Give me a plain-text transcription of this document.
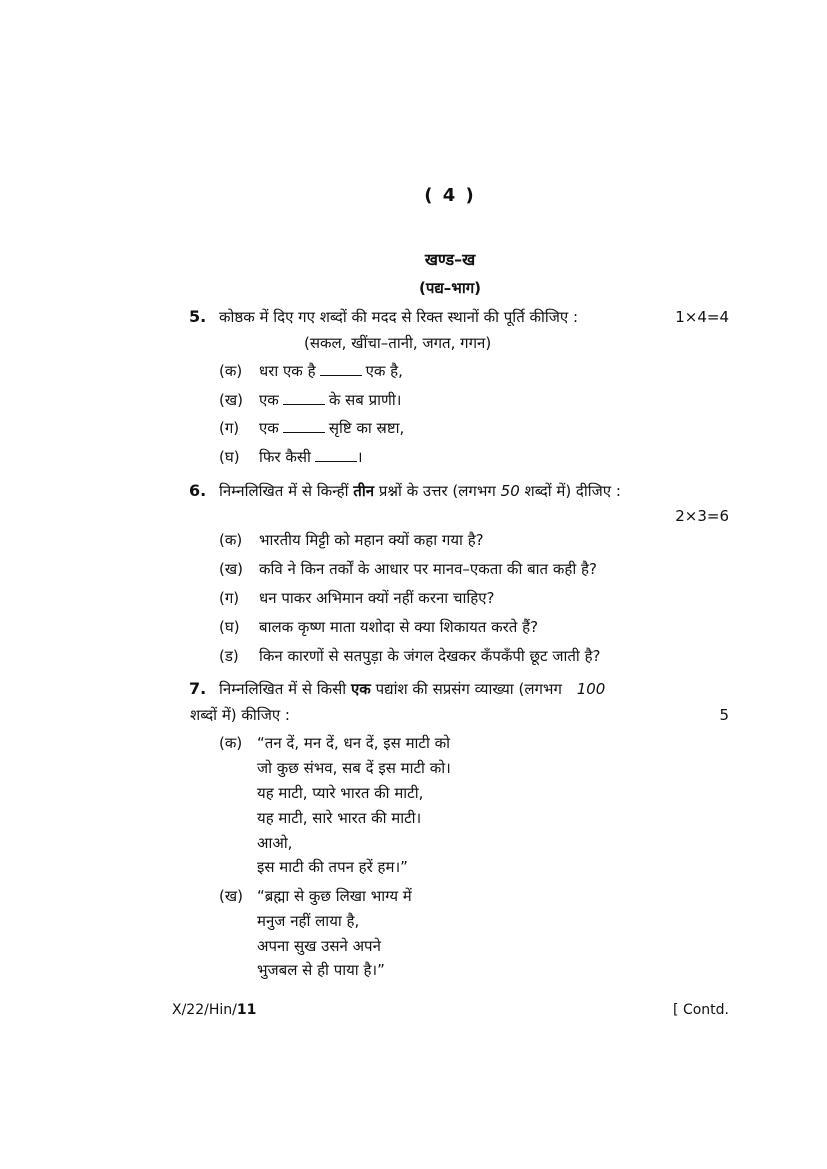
( 4 )
खण्ड–ख
(पद्य–भाग)
5. कोष्ठक में दिए गए शब्दों की मदद से रिक्त स्थानों की पूर्ति कीजिए :	1×4=4
(सकल, खींचा–तानी, जगत, गगन)
(क) धरा एक है	एक है,
(ख) एक	के सब प्राणी।
(ग) एक	सृष्टि का स्रष्टा,
(घ) फिर कैसी	।
6. निम्नलिखित में से किन्हीं तीन प्रश्नों के उत्तर (लगभग 50 शब्दों में) दीजिए :
2×3=6
(क) भारतीय मिट्टी को महान क्यों कहा गया है?
(ख) कवि ने किन तर्कों के आधार पर मानव–एकता की बात कही है?
(ग) धन पाकर अभिमान क्यों नहीं करना चाहिए?
(घ) बालक कृष्ण माता यशोदा से क्या शिकायत करते हैं?
(ड) किन कारणों से सतपुड़ा के जंगल देखकर कँपकँपी छूट जाती है?
7. निम्नलिखित में से किसी एक पद्यांश की सप्रसंग व्याख्या (लगभग 100
शब्दों में) कीजिए :	5
(क) “तन दें, मन दें, धन दें, इस माटी को
जो कुछ संभव, सब दें इस माटी को।
यह माटी, प्यारे भारत की माटी,
यह माटी, सारे भारत की माटी।
आओ,
इस माटी की तपन हरें हम।”
(ख) “ब्रह्मा से कुछ लिखा भाग्य में
मनुज नहीं लाया है,
अपना सुख उसने अपने
भुजबल से ही पाया है।”
X/22/Hin/11	[ Contd.
